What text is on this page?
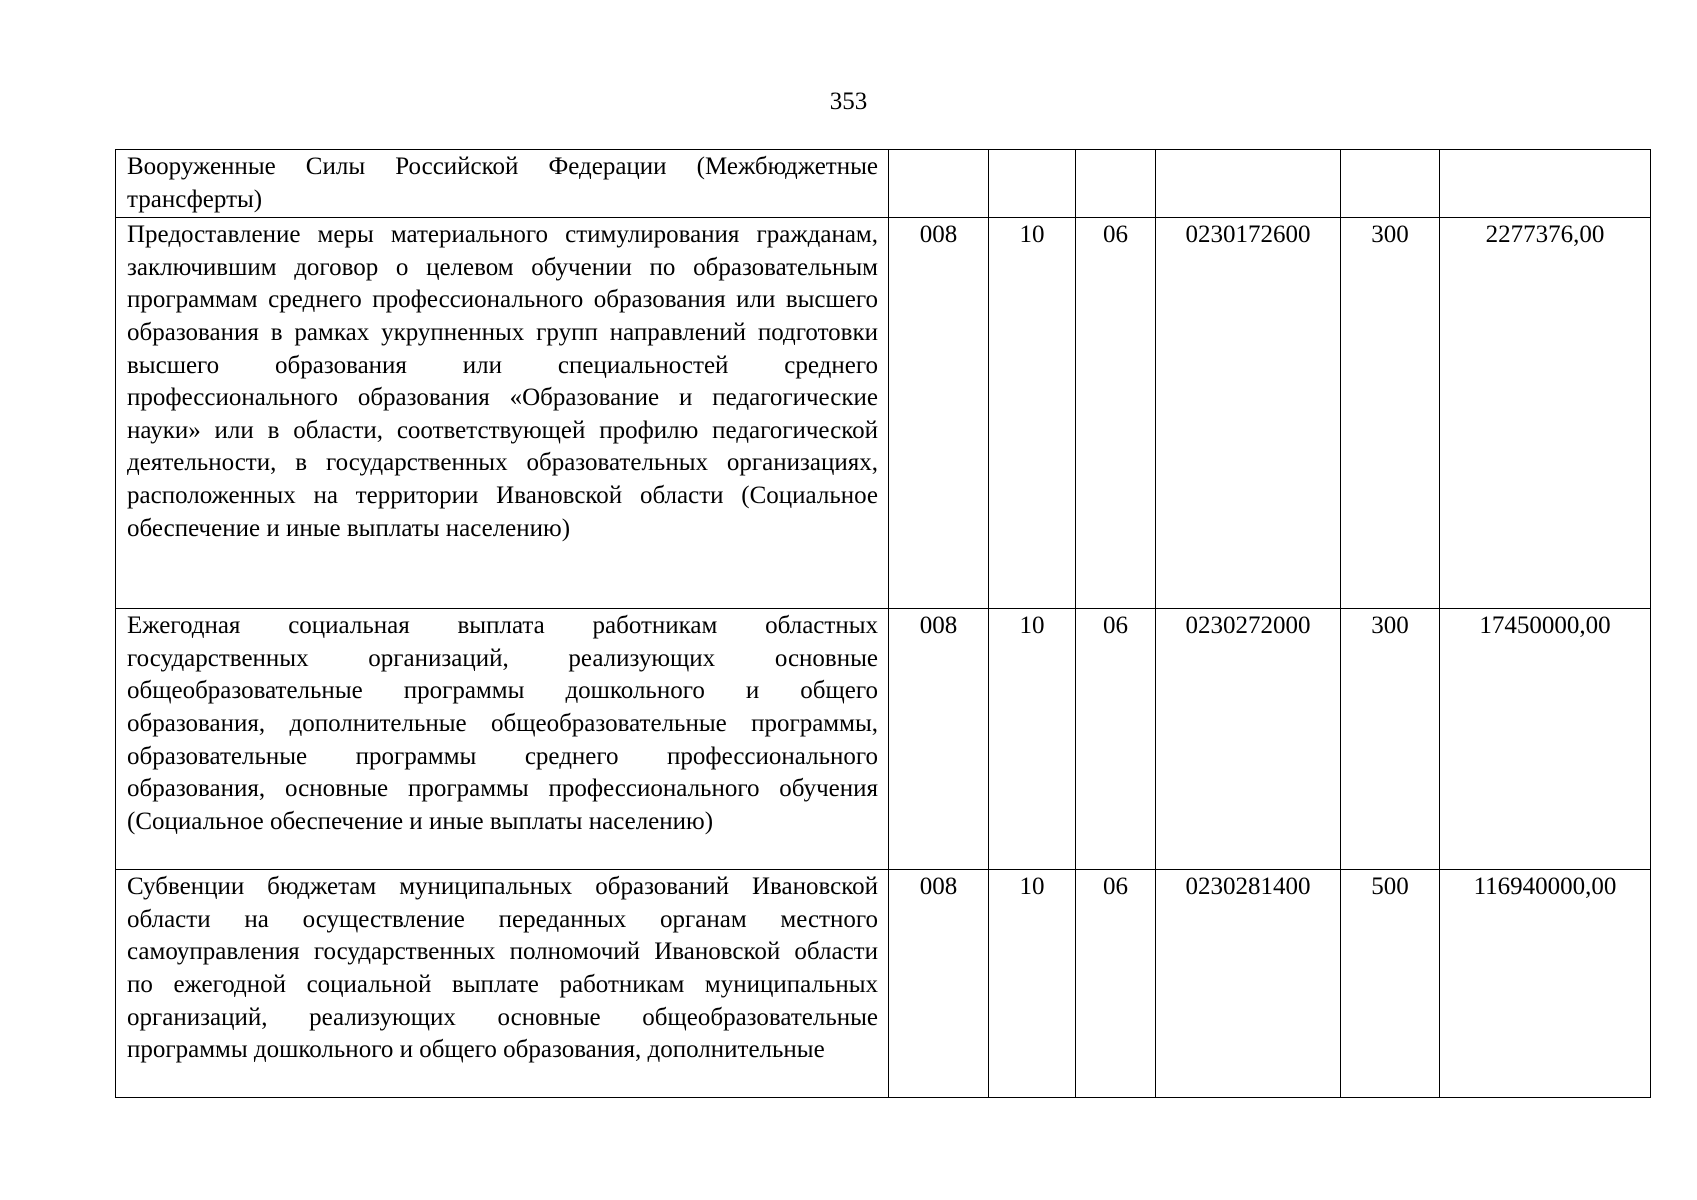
353
Вооруженные Силы Российской Федерации (Межбюджетные трансферты)						
Предоставление меры материального стимулирования гражданам, заключившим договор о целевом обучении по образовательным программам среднего профессионального образования или высшего образования в рамках укрупненных групп направлений подготовки высшего образования или специальностей среднего профессионального образования «Образование и педагогические науки» или в области, соответствующей профилю педагогической деятельности, в государственных образовательных организациях, расположенных на территории Ивановской области (Социальное обеспечение и иные выплаты населению)	008	10	06	0230172600	300	2277376,00
Ежегодная социальная выплата работникам областных государственных организаций, реализующих основные общеобразовательные программы дошкольного и общего образования, дополнительные общеобразовательные программы, образовательные программы среднего профессионального образования, основные программы профессионального обучения (Социальное обеспечение и иные выплаты населению)	008	10	06	0230272000	300	17450000,00
Субвенции бюджетам муниципальных образований Ивановской области на осуществление переданных органам местного самоуправления государственных полномочий Ивановской области по ежегодной социальной выплате работникам муниципальных организаций, реализующих основные общеобразовательные программы дошкольного и общего образования, дополнительные	008	10	06	0230281400	500	116940000,00
